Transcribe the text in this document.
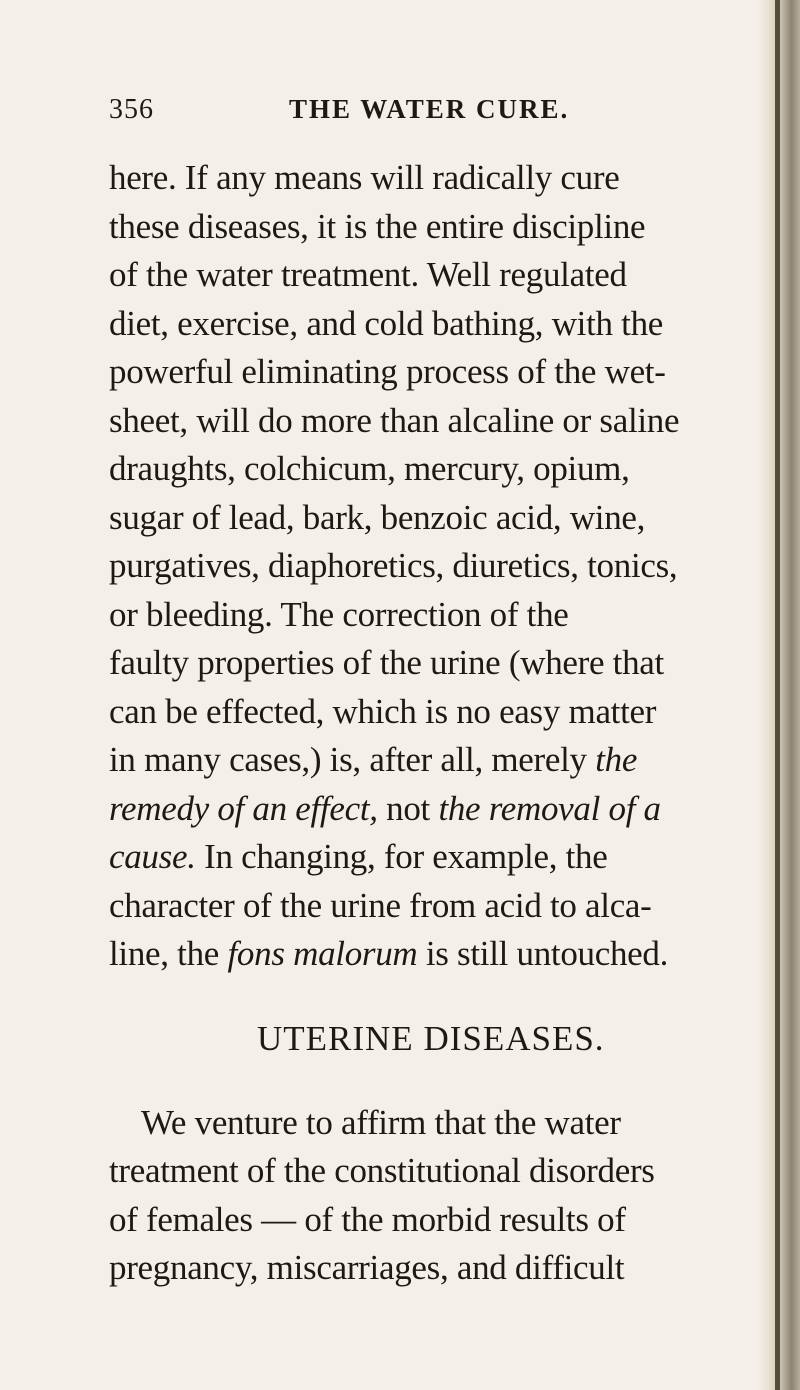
356	THE WATER CURE.
here. If any means will radically cure
these diseases, it is the entire discipline
of the water treatment. Well regulated
diet, exercise, and cold bathing, with the
powerful eliminating process of the wet-
sheet, will do more than alcaline or saline
draughts, colchicum, mercury, opium,
sugar of lead, bark, benzoic acid, wine,
purgatives, diaphoretics, diuretics, tonics,
or bleeding. The correction of the
faulty properties of the urine (where that
can be effected, which is no easy matter
in many cases,) is, after all, merely the
remedy of an effect, not the removal of a
cause. In changing, for example, the
character of the urine from acid to alca-
line, the fons malorum is still untouched.
UTERINE DISEASES.
We venture to affirm that the water
treatment of the constitutional disorders
of females — of the morbid results of
pregnancy, miscarriages, and difficult
